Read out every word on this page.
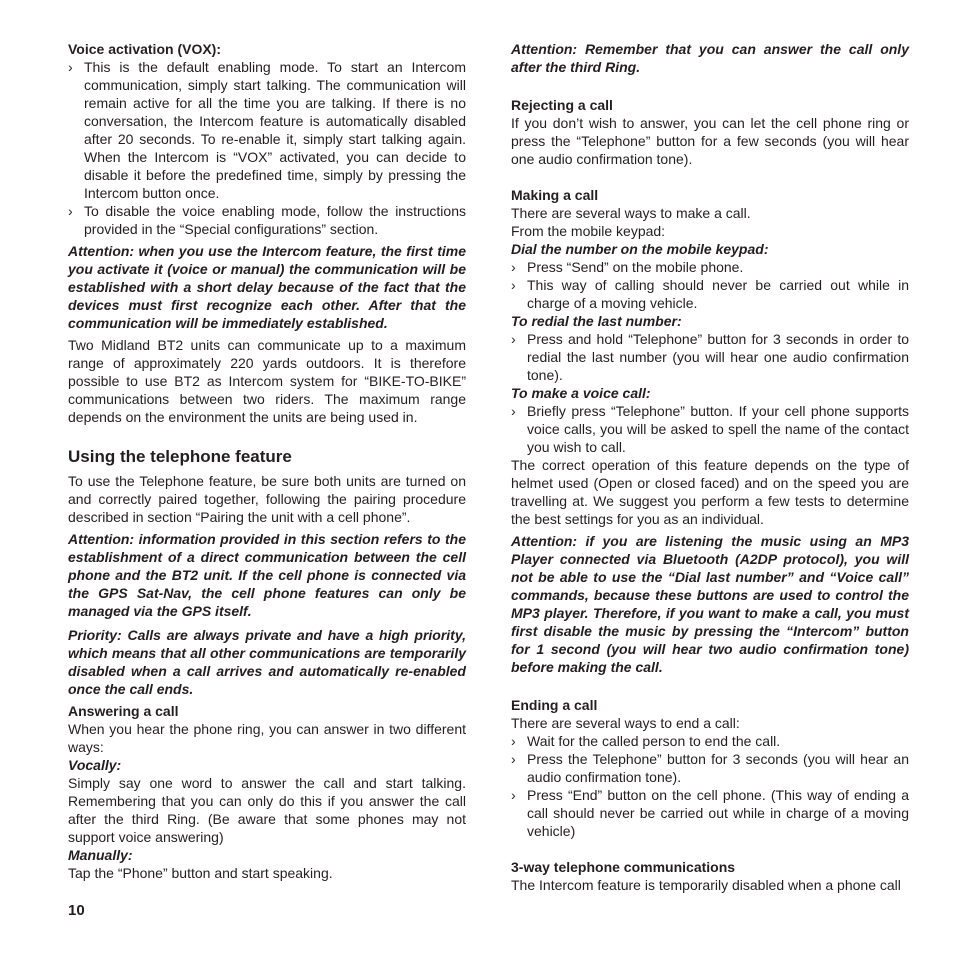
Voice activation (VOX):

› This is the default enabling mode. To start an Intercom communication, simply start talking. The communication will remain active for all the time you are talking. If there is no conversation, the Intercom feature is automatically disabled after 20 seconds. To re-enable it, simply start talking again. When the Intercom is “VOX” activated, you can decide to disable it before the predefined time, simply by pressing the Intercom button once.

› To disable the voice enabling mode, follow the instructions provided in the “Special configurations” section.

Attention: when you use the Intercom feature, the first time you activate it (voice or manual) the communication will be established with a short delay because of the fact that the devices must first recognize each other. After that the communication will be immediately established.

Two Midland BT2 units can communicate up to a maximum range of approximately 220 yards outdoors. It is therefore possible to use BT2 as Intercom system for “BIKE-TO-BIKE” communications between two riders. The maximum range depends on the environment the units are being used in.

Using the telephone feature

To use the Telephone feature, be sure both units are turned on and correctly paired together, following the pairing procedure described in section “Pairing the unit with a cell phone”.

Attention: information provided in this section refers to the establishment of a direct communication between the cell phone and the BT2 unit. If the cell phone is connected via the GPS Sat-Nav, the cell phone features can only be managed via the GPS itself.

Priority: Calls are always private and have a high priority, which means that all other communications are temporarily disabled when a call arrives and automatically re-enabled once the call ends.

Answering a call

When you hear the phone ring, you can answer in two different ways:

Vocally:

Simply say one word to answer the call and start talking. Remembering that you can only do this if you answer the call after the third Ring. (Be aware that some phones may not support voice answering)

Manually:

Tap the “Phone” button and start speaking.

Attention: Remember that you can answer the call only after the third Ring.

Rejecting a call

If you don’t wish to answer, you can let the cell phone ring or press the “Telephone” button for a few seconds (you will hear one audio confirmation tone).

Making a call

There are several ways to make a call.

From the mobile keypad:

Dial the number on the mobile keypad:

› Press “Send” on the mobile phone.

› This way of calling should never be carried out while in charge of a moving vehicle.

To redial the last number:

› Press and hold “Telephone” button for 3 seconds in order to redial the last number (you will hear one audio confirmation tone).

To make a voice call:

› Briefly press “Telephone” button. If your cell phone supports voice calls, you will be asked to spell the name of the contact you wish to call.

The correct operation of this feature depends on the type of helmet used (Open or closed faced) and on the speed you are travelling at. We suggest you perform a few tests to determine the best settings for you as an individual.

Attention: if you are listening the music using an MP3 Player connected via Bluetooth (A2DP protocol), you will not be able to use the “Dial last number” and “Voice call” commands, because these buttons are used to control the MP3 player. Therefore, if you want to make a call, you must first disable the music by pressing the “Intercom” button for 1 second (you will hear two audio confirmation tone) before making the call.

Ending a call

There are several ways to end a call:

› Wait for the called person to end the call.

› Press the Telephone” button for 3 seconds (you will hear an audio confirmation tone).

› Press “End” button on the cell phone. (This way of ending a call should never be carried out while in charge of a moving vehicle)

3-way telephone communications

The Intercom feature is temporarily disabled when a phone call

10
